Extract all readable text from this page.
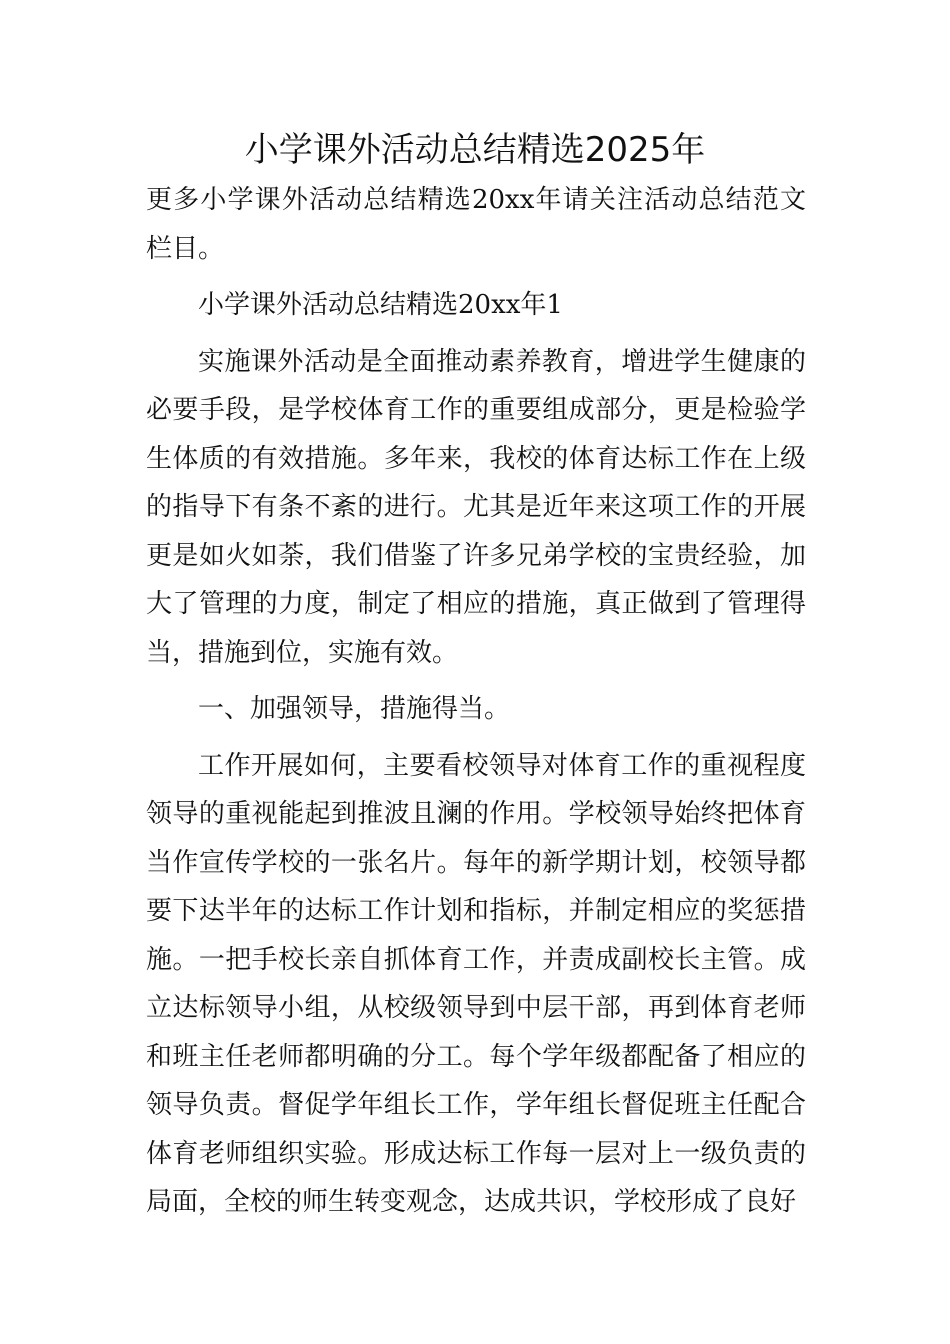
小学课外活动总结精选2025年

更多小学课外活动总结精选20xx年请关注活动总结范文栏目。

小学课外活动总结精选20xx年1

实施课外活动是全面推动素养教育，增进学生健康的必要手段，是学校体育工作的重要组成部分，更是检验学生体质的有效措施。多年来，我校的体育达标工作在上级的指导下有条不紊的进行。尤其是近年来这项工作的开展更是如火如荼，我们借鉴了许多兄弟学校的宝贵经验，加大了管理的力度，制定了相应的措施，真正做到了管理得当，措施到位，实施有效。

一、加强领导，措施得当。

工作开展如何，主要看校领导对体育工作的重视程度领导的重视能起到推波且澜的作用。学校领导始终把体育当作宣传学校的一张名片。每年的新学期计划，校领导都要下达半年的达标工作计划和指标，并制定相应的奖惩措施。一把手校长亲自抓体育工作，并责成副校长主管。成立达标领导小组，从校级领导到中层干部，再到体育老师和班主任老师都明确的分工。每个学年级都配备了相应的领导负责。督促学年组长工作，学年组长督促班主任配合体育老师组织实验。形成达标工作每一层对上一级负责的局面，全校的师生转变观念，达成共识，学校形成了良好
